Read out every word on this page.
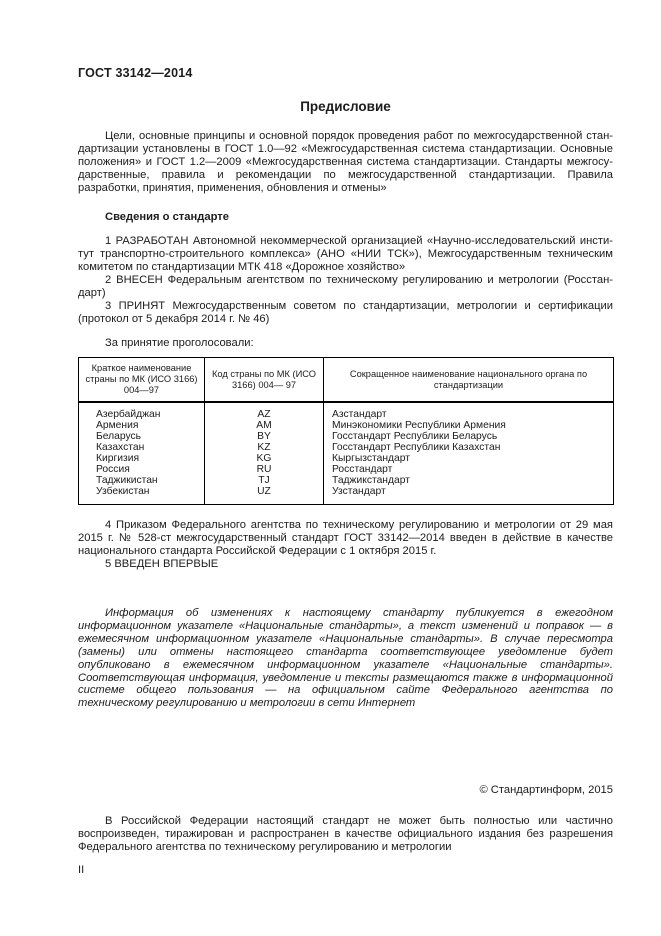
ГОСТ 33142—2014
Предисловие

Цели, основные принципы и основной порядок проведения работ по межгосударственной стандартизации установлены в ГОСТ 1.0—92 «Межгосударственная система стандартизации. Основные положения» и ГОСТ 1.2—2009 «Межгосударственная система стандартизации. Стандарты межгосударственные, правила и рекомендации по межгосударственной стандартизации. Правила разработки, принятия, применения, обновления и отмены»

Сведения о стандарте

1 РАЗРАБОТАН Автономной некоммерческой организацией «Научно-исследовательский институт транспортно-строительного комплекса» (АНО «НИИ ТСК»), Межгосударственным техническим комитетом по стандартизации МТК 418 «Дорожное хозяйство»

2 ВНЕСЕН Федеральным агентством по техническому регулированию и метрологии (Росстандарт)

3 ПРИНЯТ Межгосударственным советом по стандартизации, метрологии и сертификации (протокол от 5 декабря 2014 г. № 46)

За принятие проголосовали:

Краткое наименование страны по МК (ИСО 3166) 004—97	Код страны по МК (ИСО 3166) 004— 97	Сокращенное наименование национального органа по стандартизации
Азербайджан	AZ	Азстандарт
Армения	AM	Минэкономики Республики Армения
Беларусь	BY	Госстандарт Республики Беларусь
Казахстан	KZ	Госстандарт Республики Казахстан
Киргизия	KG	Кыргызстандарт
Россия	RU	Росстандарт
Таджикистан	TJ	Таджикстандарт
Узбекистан	UZ	Узстандарт

4 Приказом Федерального агентства по техническому регулированию и метрологии от 29 мая 2015 г. № 528-ст межгосударственный стандарт ГОСТ 33142—2014 введен в действие в качестве национального стандарта Российской Федерации с 1 октября 2015 г.

5 ВВЕДЕН ВПЕРВЫЕ

Информация об изменениях к настоящему стандарту публикуется в ежегодном информационном указателе «Национальные стандарты», а текст изменений и поправок — в ежемесячном информационном указателе «Национальные стандарты». В случае пересмотра (замены) или отмены настоящего стандарта соответствующее уведомление будет опубликовано в ежемесячном информационном указателе «Национальные стандарты». Соответствующая информация, уведомление и тексты размещаются также в информационной системе общего пользования — на официальном сайте Федерального агентства по техническому регулированию и метрологии в сети Интернет

© Стандартинформ, 2015

В Российской Федерации настоящий стандарт не может быть полностью или частично воспроизведен, тиражирован и распространен в качестве официального издания без разрешения Федерального агентства по техническому регулированию и метрологии

II
